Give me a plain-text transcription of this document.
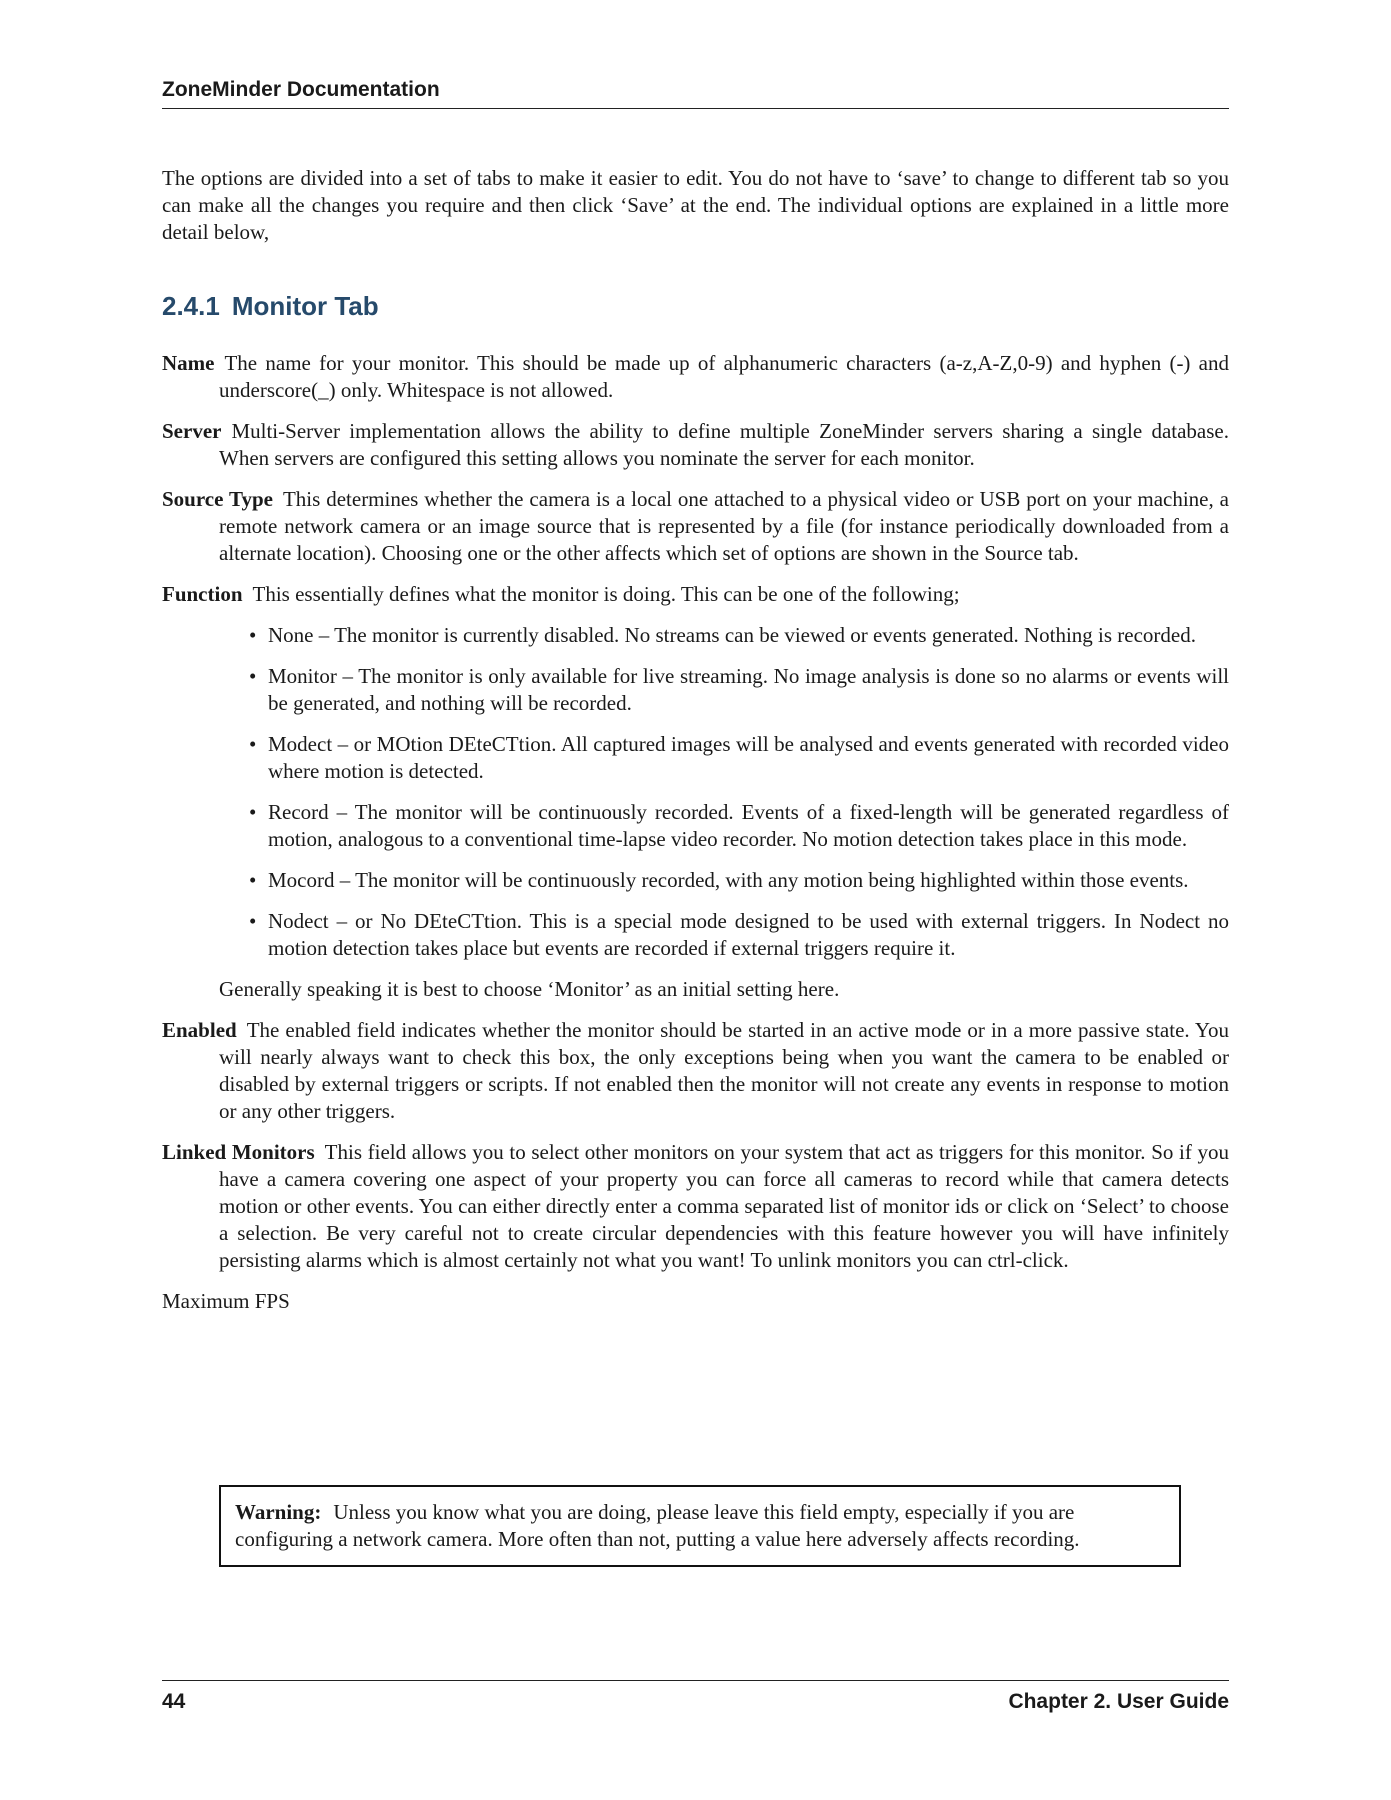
ZoneMinder Documentation

The options are divided into a set of tabs to make it easier to edit. You do not have to ‘save’ to change to different tab so you can make all the changes you require and then click ‘Save’ at the end. The individual options are explained in a little more detail below,

2.4.1 Monitor Tab

Name The name for your monitor. This should be made up of alphanumeric characters (a-z,A-Z,0-9) and hyphen (-) and underscore(_) only. Whitespace is not allowed.

Server Multi-Server implementation allows the ability to define multiple ZoneMinder servers sharing a single database. When servers are configured this setting allows you nominate the server for each monitor.

Source Type This determines whether the camera is a local one attached to a physical video or USB port on your machine, a remote network camera or an image source that is represented by a file (for instance periodically downloaded from a alternate location). Choosing one or the other affects which set of options are shown in the Source tab.

Function This essentially defines what the monitor is doing. This can be one of the following;

• None – The monitor is currently disabled. No streams can be viewed or events generated. Nothing is recorded.
• Monitor – The monitor is only available for live streaming. No image analysis is done so no alarms or events will be generated, and nothing will be recorded.
• Modect – or MOtion DEteCTtion. All captured images will be analysed and events generated with recorded video where motion is detected.
• Record – The monitor will be continuously recorded. Events of a fixed-length will be generated regardless of motion, analogous to a conventional time-lapse video recorder. No motion detection takes place in this mode.
• Mocord – The monitor will be continuously recorded, with any motion being highlighted within those events.
• Nodect – or No DEteCTtion. This is a special mode designed to be used with external triggers. In Nodect no motion detection takes place but events are recorded if external triggers require it.

Generally speaking it is best to choose ‘Monitor’ as an initial setting here.

Enabled The enabled field indicates whether the monitor should be started in an active mode or in a more passive state. You will nearly always want to check this box, the only exceptions being when you want the camera to be enabled or disabled by external triggers or scripts. If not enabled then the monitor will not create any events in response to motion or any other triggers.

Linked Monitors This field allows you to select other monitors on your system that act as triggers for this monitor. So if you have a camera covering one aspect of your property you can force all cameras to record while that camera detects motion or other events. You can either directly enter a comma separated list of monitor ids or click on ‘Select’ to choose a selection. Be very careful not to create circular dependencies with this feature however you will have infinitely persisting alarms which is almost certainly not what you want! To unlink monitors you can ctrl-click.

Maximum FPS

Warning: Unless you know what you are doing, please leave this field empty, especially if you are configuring a network camera. More often than not, putting a value here adversely affects recording.
44	Chapter 2. User Guide
